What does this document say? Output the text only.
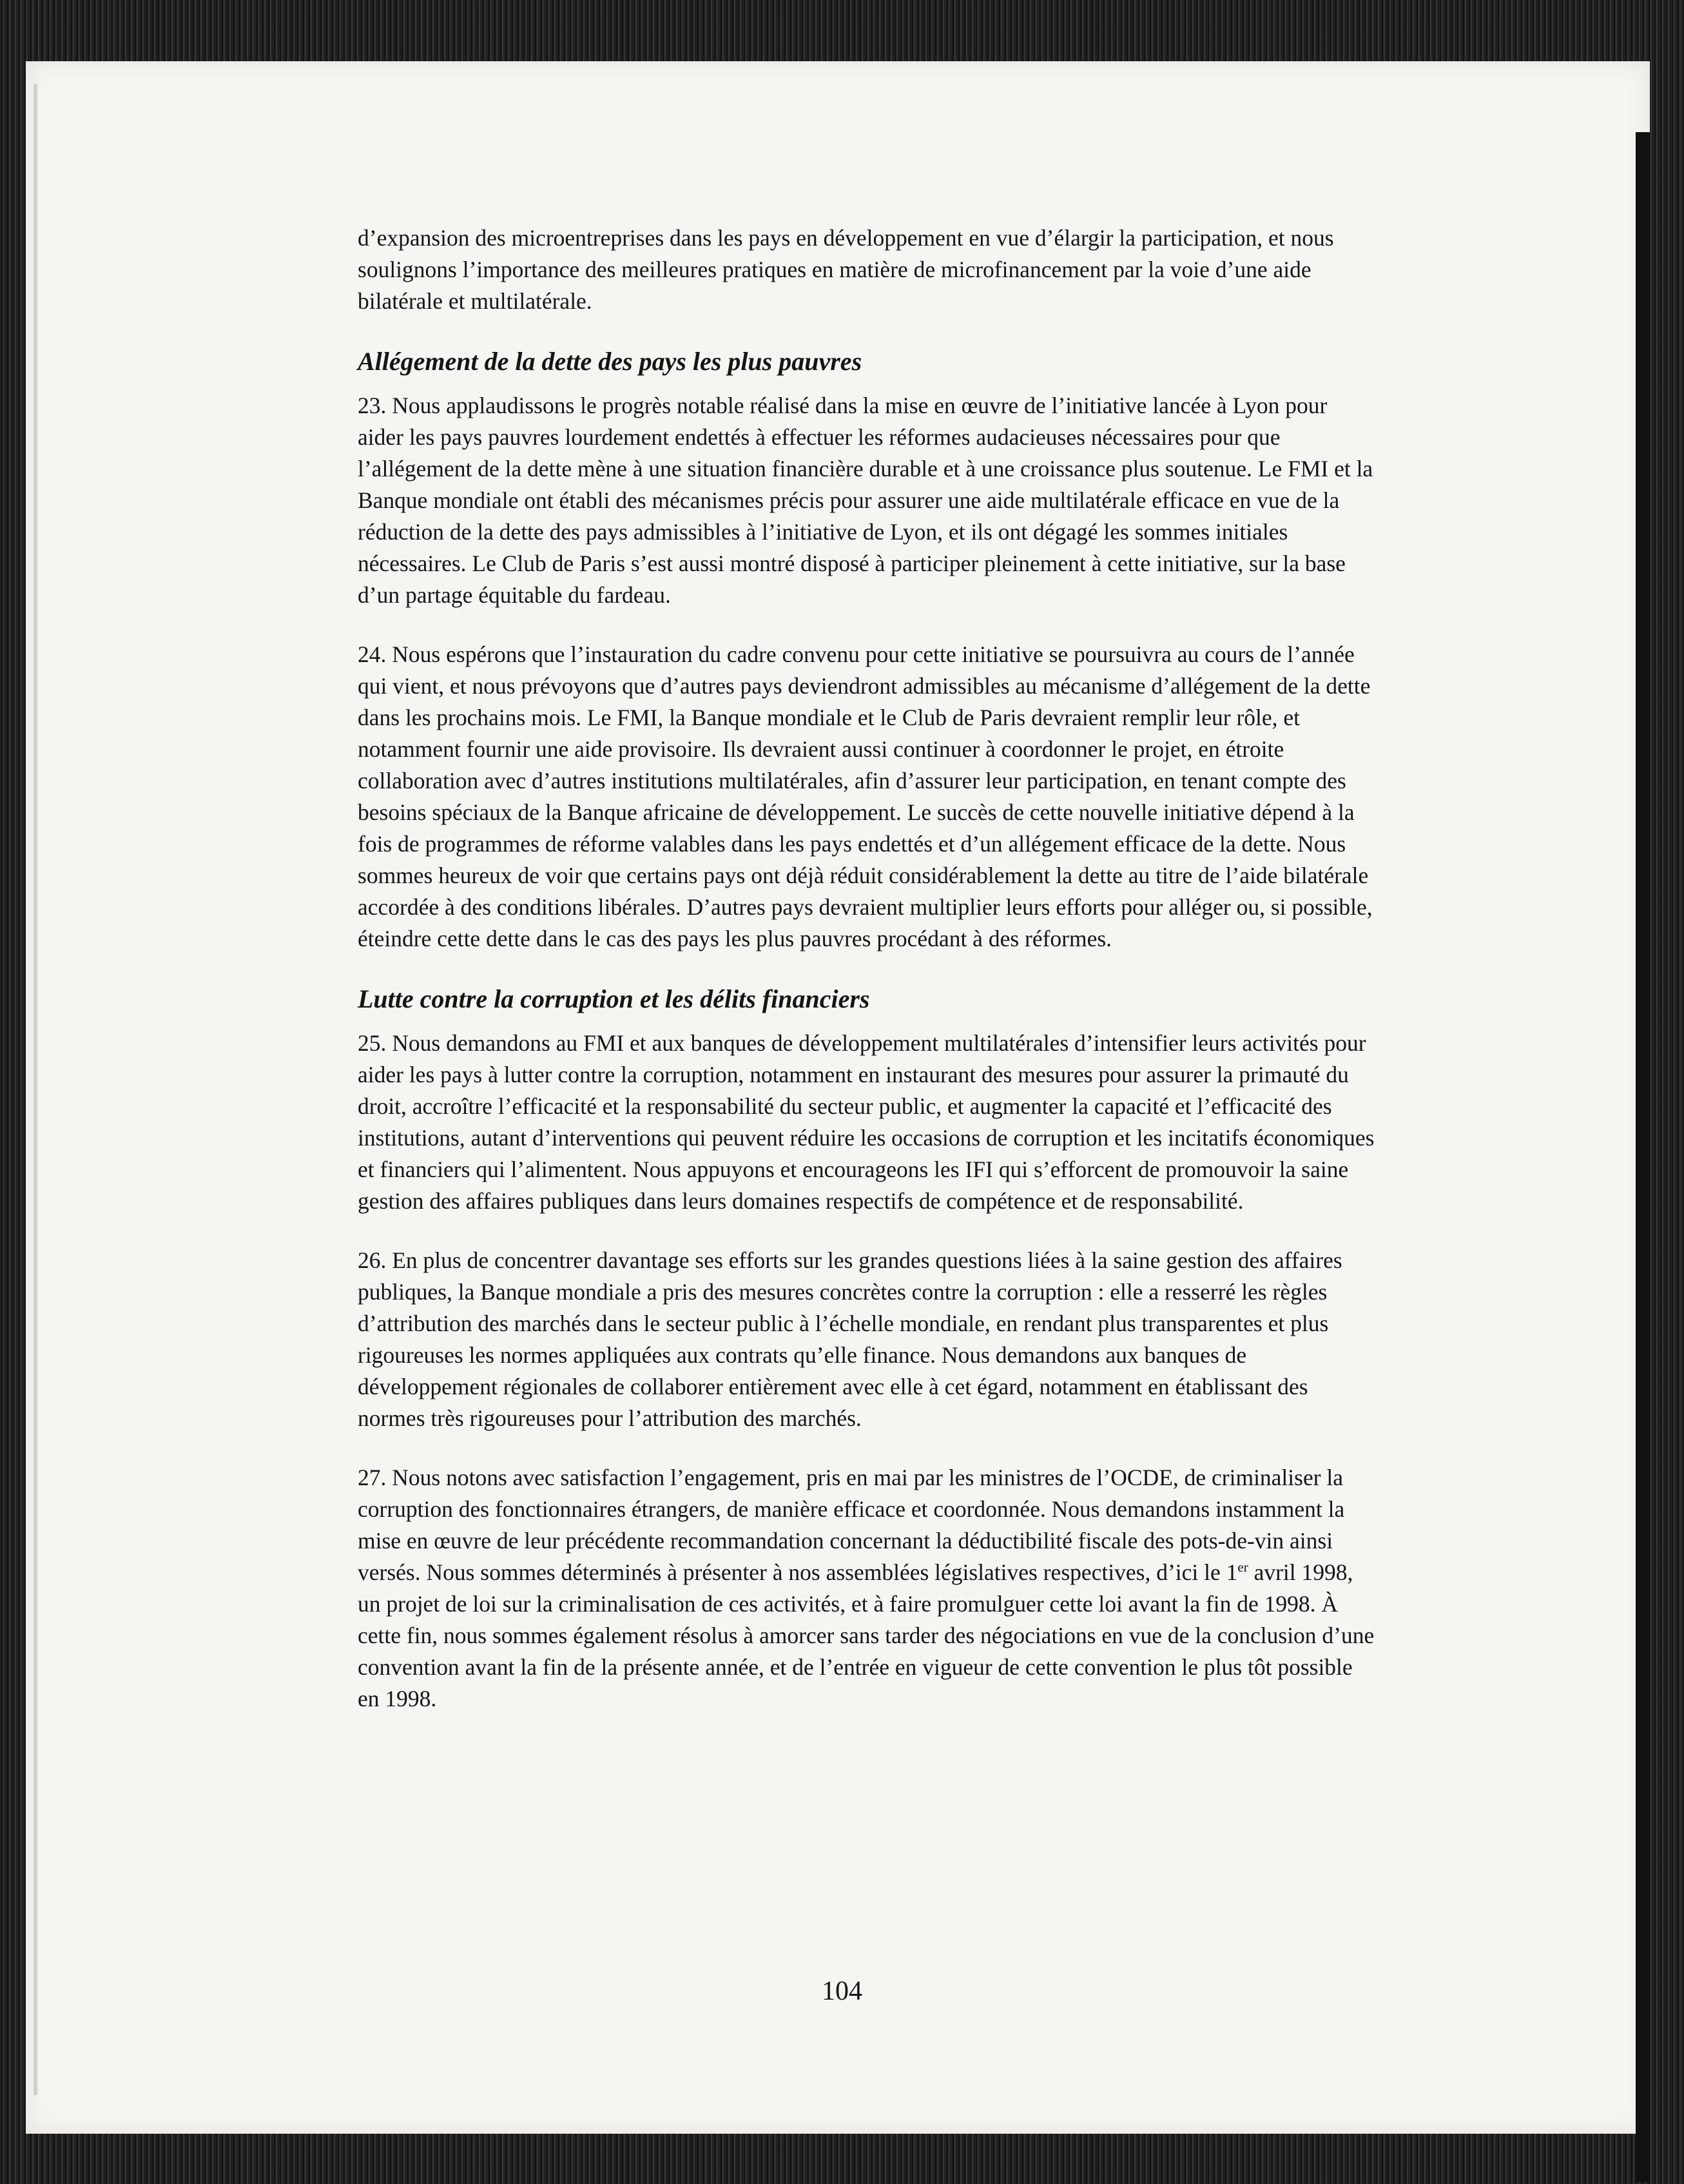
d’expansion des microentreprises dans les pays en développement en vue d’élargir la participation, et nous soulignons l’importance des meilleures pratiques en matière de microfinancement par la voie d’une aide bilatérale et multilatérale.

Allégement de la dette des pays les plus pauvres

23. Nous applaudissons le progrès notable réalisé dans la mise en œuvre de l’initiative lancée à Lyon pour aider les pays pauvres lourdement endettés à effectuer les réformes audacieuses nécessaires pour que l’allégement de la dette mène à une situation financière durable et à une croissance plus soutenue. Le FMI et la Banque mondiale ont établi des mécanismes précis pour assurer une aide multilatérale efficace en vue de la réduction de la dette des pays admissibles à l’initiative de Lyon, et ils ont dégagé les sommes initiales nécessaires. Le Club de Paris s’est aussi montré disposé à participer pleinement à cette initiative, sur la base d’un partage équitable du fardeau.

24. Nous espérons que l’instauration du cadre convenu pour cette initiative se poursuivra au cours de l’année qui vient, et nous prévoyons que d’autres pays deviendront admissibles au mécanisme d’allégement de la dette dans les prochains mois. Le FMI, la Banque mondiale et le Club de Paris devraient remplir leur rôle, et notamment fournir une aide provisoire. Ils devraient aussi continuer à coordonner le projet, en étroite collaboration avec d’autres institutions multilatérales, afin d’assurer leur participation, en tenant compte des besoins spéciaux de la Banque africaine de développement. Le succès de cette nouvelle initiative dépend à la fois de programmes de réforme valables dans les pays endettés et d’un allégement efficace de la dette. Nous sommes heureux de voir que certains pays ont déjà réduit considérablement la dette au titre de l’aide bilatérale accordée à des conditions libérales. D’autres pays devraient multiplier leurs efforts pour alléger ou, si possible, éteindre cette dette dans le cas des pays les plus pauvres procédant à des réformes.

Lutte contre la corruption et les délits financiers

25. Nous demandons au FMI et aux banques de développement multilatérales d’intensifier leurs activités pour aider les pays à lutter contre la corruption, notamment en instaurant des mesures pour assurer la primauté du droit, accroître l’efficacité et la responsabilité du secteur public, et augmenter la capacité et l’efficacité des institutions, autant d’interventions qui peuvent réduire les occasions de corruption et les incitatifs économiques et financiers qui l’alimentent. Nous appuyons et encourageons les IFI qui s’efforcent de promouvoir la saine gestion des affaires publiques dans leurs domaines respectifs de compétence et de responsabilité.

26. En plus de concentrer davantage ses efforts sur les grandes questions liées à la saine gestion des affaires publiques, la Banque mondiale a pris des mesures concrètes contre la corruption : elle a resserré les règles d’attribution des marchés dans le secteur public à l’échelle mondiale, en rendant plus transparentes et plus rigoureuses les normes appliquées aux contrats qu’elle finance. Nous demandons aux banques de développement régionales de collaborer entièrement avec elle à cet égard, notamment en établissant des normes très rigoureuses pour l’attribution des marchés.

27. Nous notons avec satisfaction l’engagement, pris en mai par les ministres de l’OCDE, de criminaliser la corruption des fonctionnaires étrangers, de manière efficace et coordonnée. Nous demandons instamment la mise en œuvre de leur précédente recommandation concernant la déductibilité fiscale des pots-de-vin ainsi versés. Nous sommes déterminés à présenter à nos assemblées législatives respectives, d’ici le 1er avril 1998, un projet de loi sur la criminalisation de ces activités, et à faire promulguer cette loi avant la fin de 1998. À cette fin, nous sommes également résolus à amorcer sans tarder des négociations en vue de la conclusion d’une convention avant la fin de la présente année, et de l’entrée en vigueur de cette convention le plus tôt possible en 1998.

104
